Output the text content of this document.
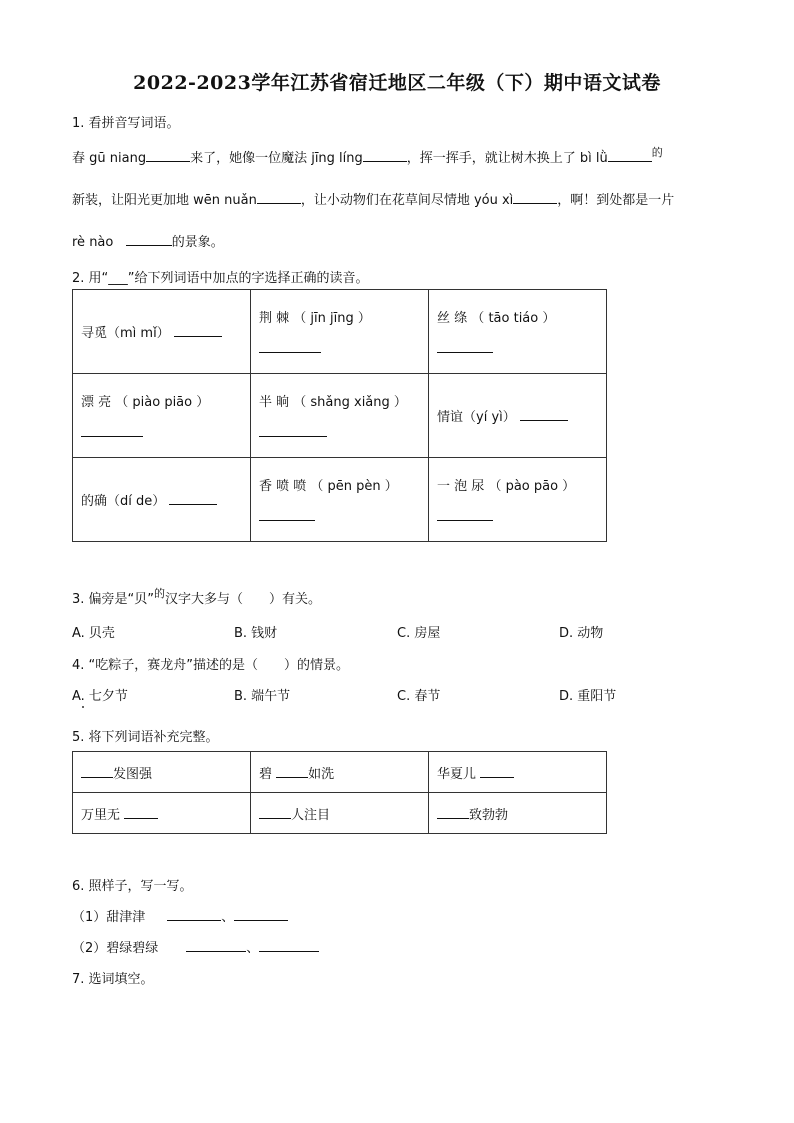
2022-2023学年江苏省宿迁地区二年级（下）期中语文试卷
1. 看拼音写词语。
春 gū niang	来了，她像一位魔法 jīng líng	，挥一挥手，就让树木换上了 bì lǜ	$^的$
新装，让阳光更加地 wēn nuǎn	，让小动物们在花草间尽情地 yóu xì	，啊！到处都是一片
rè nào	的景象。
2. 用“___”给下列词语中加点的字选择正确的读音。
寻觅（mì mǐ）	荆 棘 （ jīn jīng ）	丝 绦 （ tāo tiáo ）

漂 亮 （ piào piāo ）	半 晌 （ shǎng xiǎng ）	情谊（yí yì）
的确（dí de）	香 喷 喷 （ pēn pèn ）	一 泡 尿 （ pào pāo ）
3. 偏旁是“贝”$^的$汉字大多与（　　）有关。
A. 贝壳	B. 钱财	C. 房屋	D. 动物
4. “吃粽子，赛龙舟”描述的是（　　）的情景。
A. 七夕节	B. 端午节	C. 春节	D. 重阳节
5. 将下列词语补充完整。
发图强	碧 如洗	华夏儿
万里无	人注目	致勃勃
6. 照样子，写一写。
（1）甜津津	、
（2）碧绿碧绿	、
7. 选词填空。
